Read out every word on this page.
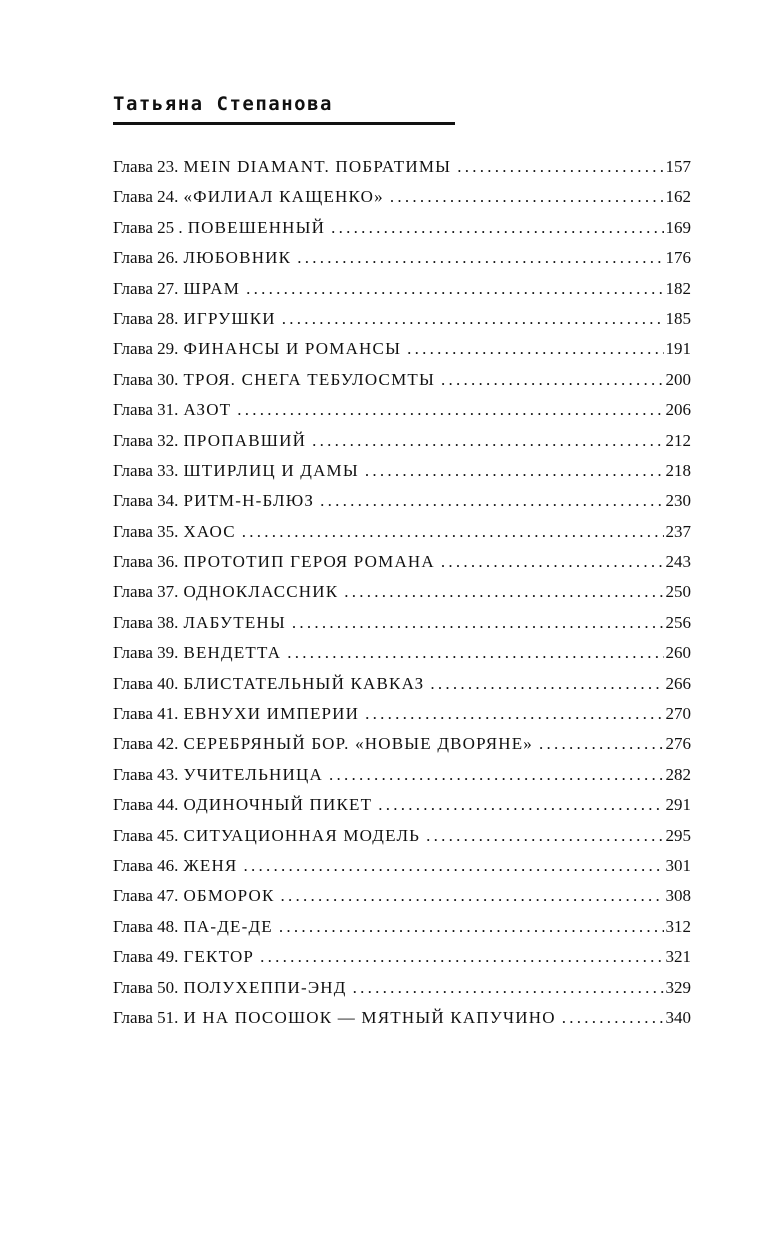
Татьяна Степанова
Глава 23. MEIN DIAMANT. ПОБРАТИМЫ . . .	157
Глава 24. «ФИЛИАЛ КАЩЕНКО» . . .	162
Глава 25 . ПОВЕШЕННЫЙ . . .	169
Глава 26. ЛЮБОВНИК . . .	176
Глава 27. ШРАМ . . .	182
Глава 28. ИГРУШКИ . . .	185
Глава 29. ФИНАНСЫ И РОМАНСЫ . . .	191
Глава 30. ТРОЯ. СНЕГА ТЕБУЛОСМТЫ . . .	200
Глава 31. АЗОТ . . .	206
Глава 32. ПРОПАВШИЙ . . .	212
Глава 33. ШТИРЛИЦ И ДАМЫ . . .	218
Глава 34. РИТМ-Н-БЛЮЗ . . .	230
Глава 35. ХАОС . . .	237
Глава 36. ПРОТОТИП ГЕРОЯ РОМАНА . . .	243
Глава 37. ОДНОКЛАССНИК . . .	250
Глава 38. ЛАБУТЕНЫ . . .	256
Глава 39. ВЕНДЕТТА . . .	260
Глава 40. БЛИСТАТЕЛЬНЫЙ КАВКАЗ . . .	266
Глава 41. ЕВНУХИ ИМПЕРИИ . . .	270
Глава 42. СЕРЕБРЯНЫЙ БОР. «НОВЫЕ ДВОРЯНЕ» . . .	276
Глава 43. УЧИТЕЛЬНИЦА . . .	282
Глава 44. ОДИНОЧНЫЙ ПИКЕТ . . .	291
Глава 45. СИТУАЦИОННАЯ МОДЕЛЬ . . .	295
Глава 46. ЖЕНЯ . . .	301
Глава 47. ОБМОРОК . . .	308
Глава 48. ПА-ДЕ-ДЕ . . .	312
Глава 49. ГЕКТОР . . .	321
Глава 50. ПОЛУХЕППИ-ЭНД . . .	329
Глава 51. И НА ПОСОШОК — МЯТНЫЙ КАПУЧИНО . . .	340
